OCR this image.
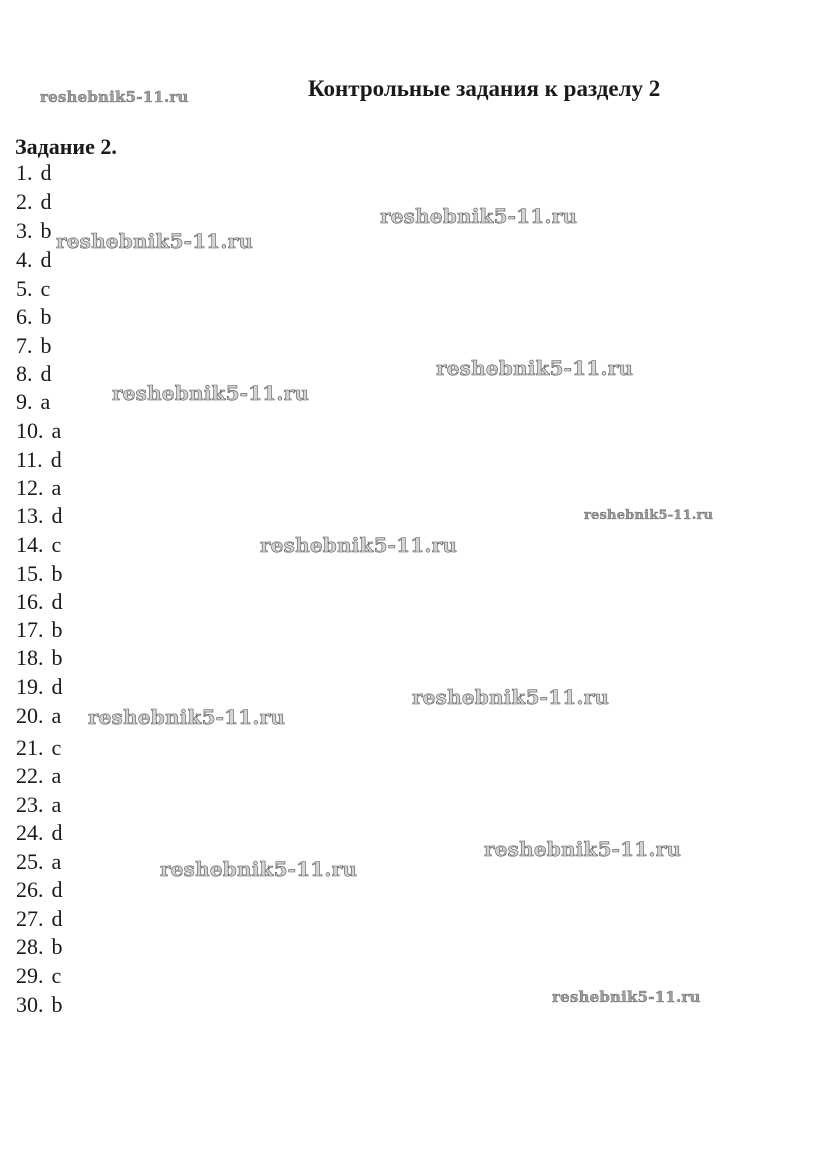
Контрольные задания к разделу 2
Задание 2.
1. d
2. d
3. b
4. d
5. c
6. b
7. b
8. d
9. a
10. a
11. d
12. a
13. d
14. c
15. b
16. d
17. b
18. b
19. d
20. a
21. c
22. a
23. a
24. d
25. a
26. d
27. d
28. b
29. c
30. b
reshebnik5-11.ru
reshebnik5-11.ru
reshebnik5-11.ru
reshebnik5-11.ru
reshebnik5-11.ru
reshebnik5-11.ru
reshebnik5-11.ru
reshebnik5-11.ru
reshebnik5-11.ru
reshebnik5-11.ru
reshebnik5-11.ru
reshebnik5-11.ru
